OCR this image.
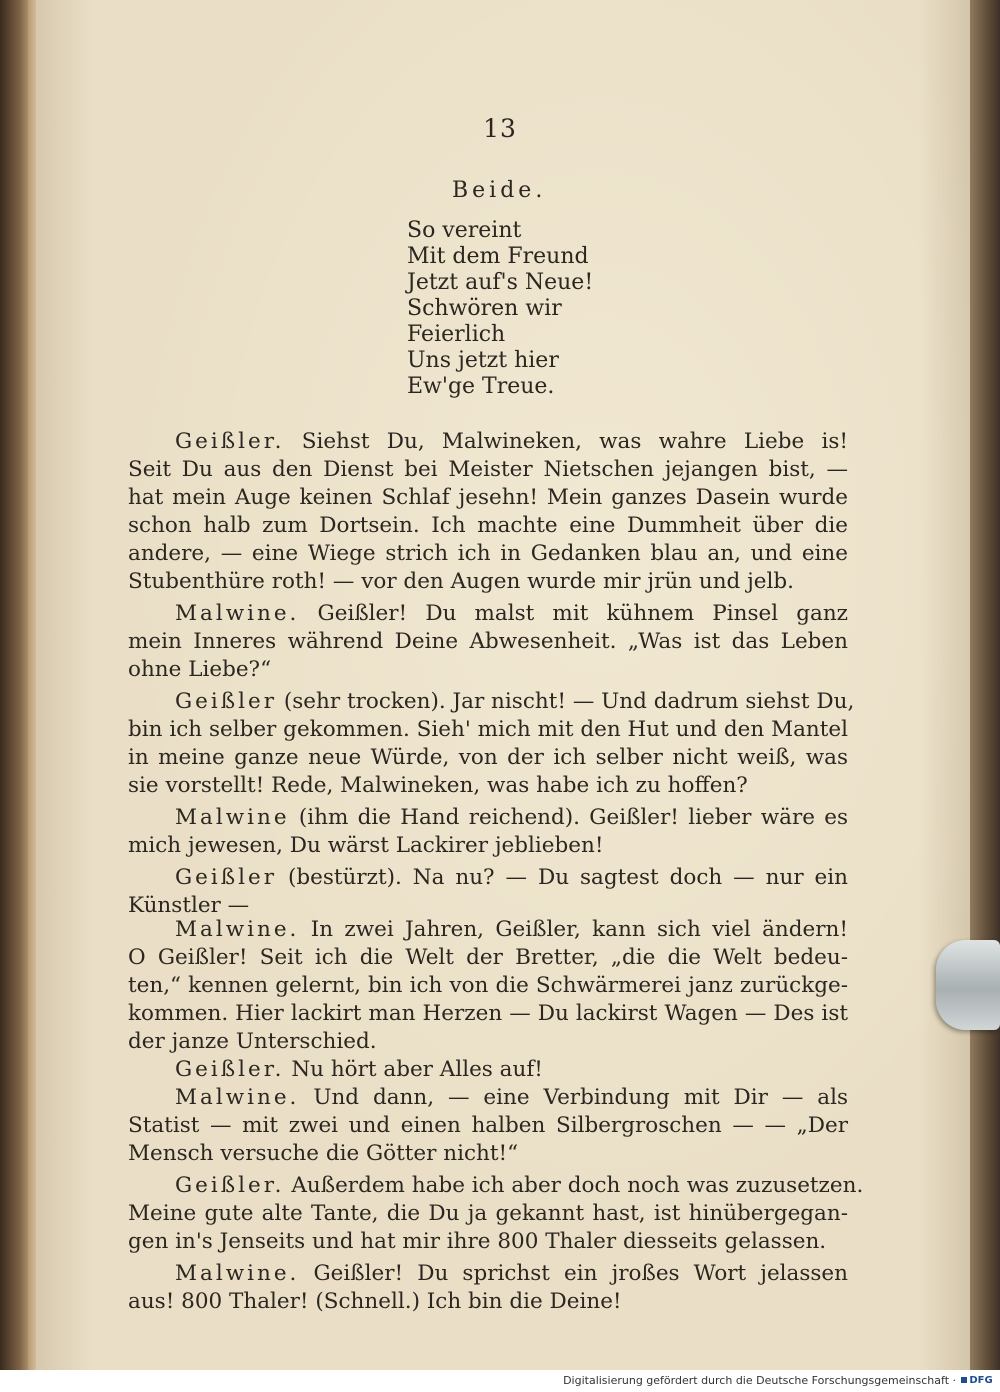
13
Beide.
So vereint
Mit dem Freund
Jetzt auf's Neue!
Schwören wir
Feierlich
Uns jetzt hier
Ew'ge Treue.
Geißler. Siehst Du, Malwineken, was wahre Liebe is!
Seit Du aus den Dienst bei Meister Nietschen jejangen bist, —
hat mein Auge keinen Schlaf jesehn! Mein ganzes Dasein wurde
schon halb zum Dortsein. Ich machte eine Dummheit über die
andere, — eine Wiege strich ich in Gedanken blau an, und eine
Stubenthüre roth! — vor den Augen wurde mir jrün und jelb.
Malwine. Geißler! Du malst mit kühnem Pinsel ganz
mein Inneres während Deine Abwesenheit. „Was ist das Leben
ohne Liebe?“
Geißler (sehr trocken). Jar nischt! — Und dadrum siehst Du,
bin ich selber gekommen. Sieh' mich mit den Hut und den Mantel
in meine ganze neue Würde, von der ich selber nicht weiß, was
sie vorstellt! Rede, Malwineken, was habe ich zu hoffen?
Malwine (ihm die Hand reichend). Geißler! lieber wäre es
mich jewesen, Du wärst Lackirer jeblieben!
Geißler (bestürzt). Na nu? — Du sagtest doch — nur ein
Künstler —
Malwine. In zwei Jahren, Geißler, kann sich viel ändern!
O Geißler! Seit ich die Welt der Bretter, „die die Welt bedeu-
ten,“ kennen gelernt, bin ich von die Schwärmerei janz zurückge-
kommen. Hier lackirt man Herzen — Du lackirst Wagen — Des ist
der janze Unterschied.
Geißler. Nu hört aber Alles auf!
Malwine. Und dann, — eine Verbindung mit Dir — als
Statist — mit zwei und einen halben Silbergroschen — — „Der
Mensch versuche die Götter nicht!“
Geißler. Außerdem habe ich aber doch noch was zuzusetzen.
Meine gute alte Tante, die Du ja gekannt hast, ist hinübergegan-
gen in's Jenseits und hat mir ihre 800 Thaler diesseits gelassen.
Malwine. Geißler! Du sprichst ein jroßes Wort jelassen
aus! 800 Thaler! (Schnell.) Ich bin die Deine!
Digitalisierung gefördert durch die Deutsche Forschungsgemeinschaft ·	DFG
